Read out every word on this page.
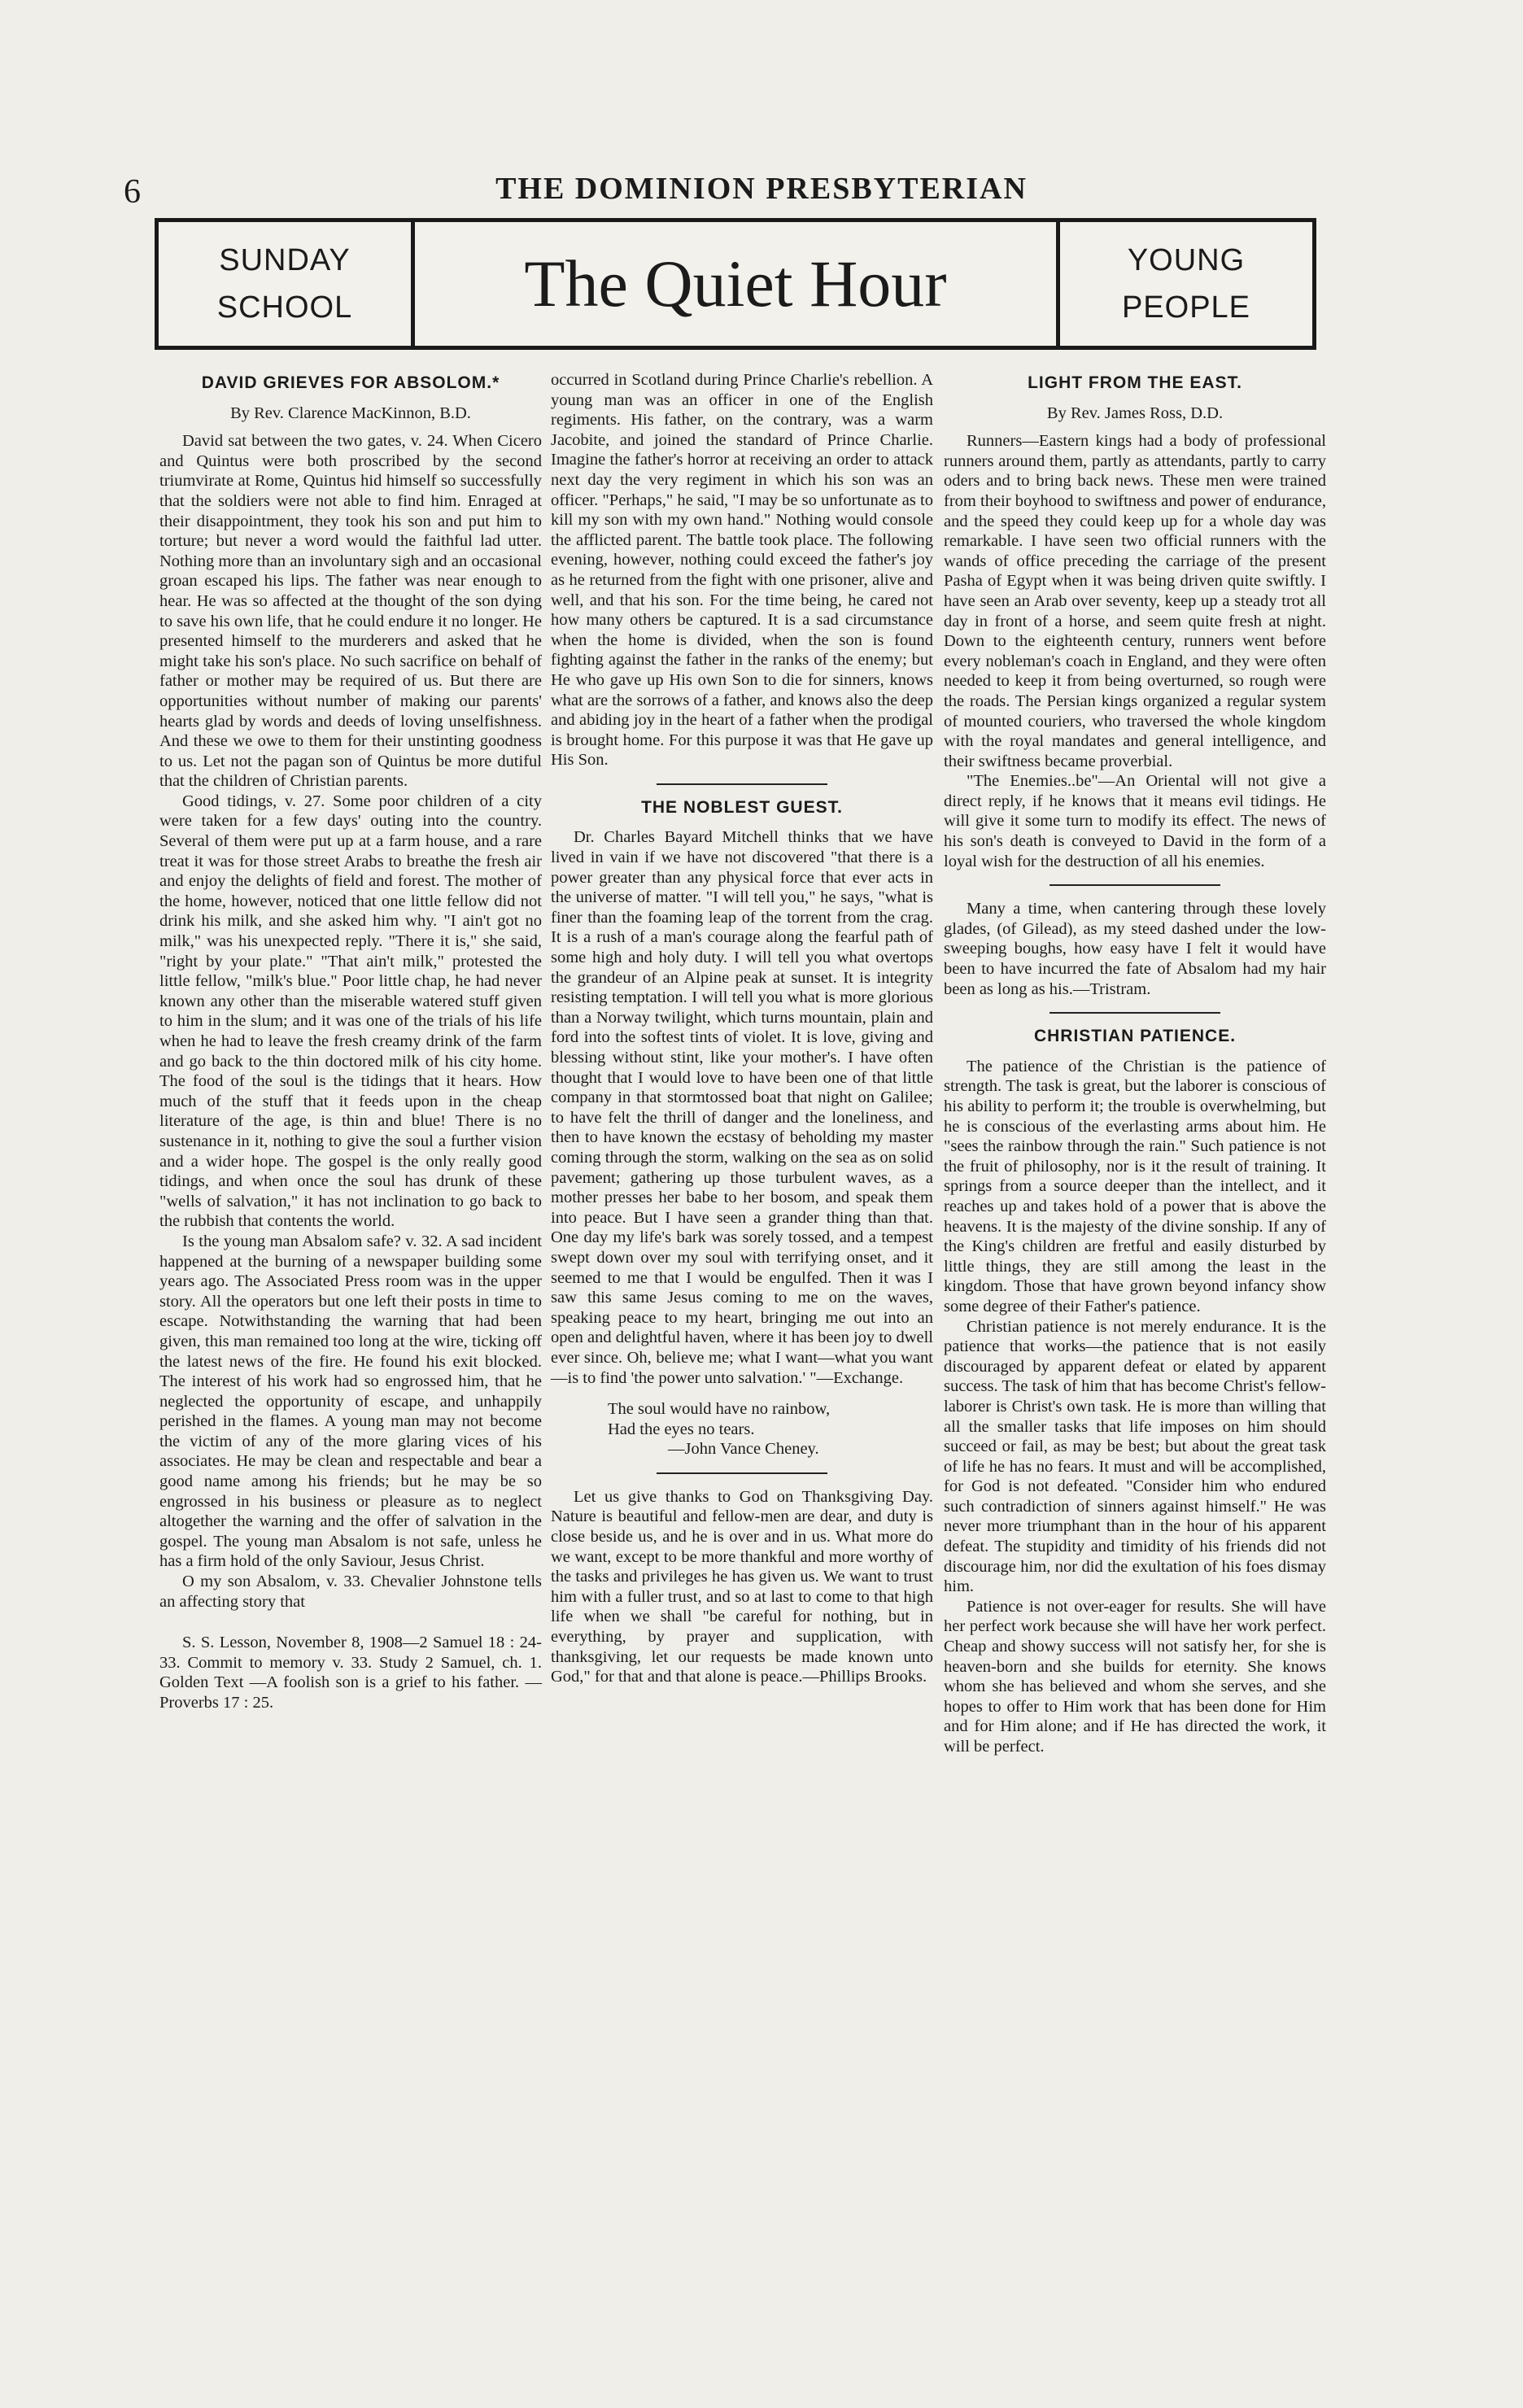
6	THE DOMINION PRESBYTERIAN
SUNDAY
SCHOOL	The Quiet Hour	YOUNG
PEOPLE
DAVID GRIEVES FOR ABSOLOM.*
By Rev. Clarence MacKinnon, B.D.

David sat between the two gates, v. 24. When Cicero and Quintus were both proscribed by the second triumvirate at Rome, Quintus hid himself so successfully that the soldiers were not able to find him. Enraged at their disappointment, they took his son and put him to torture; but never a word would the faithful lad utter. Nothing more than an involuntary sigh and an occasional groan escaped his lips. The father was near enough to hear. He was so affected at the thought of the son dying to save his own life, that he could endure it no longer. He presented himself to the murderers and asked that he might take his son's place. No such sacrifice on behalf of father or mother may be required of us. But there are opportunities without number of making our parents' hearts glad by words and deeds of loving unselfishness. And these we owe to them for their unstinting goodness to us. Let not the pagan son of Quintus be more dutiful that the children of Christian parents.

Good tidings, v. 27. Some poor children of a city were taken for a few days' outing into the country. Several of them were put up at a farm house, and a rare treat it was for those street Arabs to breathe the fresh air and enjoy the delights of field and forest. The mother of the home, however, noticed that one little fellow did not drink his milk, and she asked him why. "I ain't got no milk," was his unexpected reply. "There it is," she said, "right by your plate." "That ain't milk," protested the little fellow, "milk's blue." Poor little chap, he had never known any other than the miserable watered stuff given to him in the slum; and it was one of the trials of his life when he had to leave the fresh creamy drink of the farm and go back to the thin doctored milk of his city home. The food of the soul is the tidings that it hears. How much of the stuff that it feeds upon in the cheap literature of the age, is thin and blue! There is no sustenance in it, nothing to give the soul a further vision and a wider hope. The gospel is the only really good tidings, and when once the soul has drunk of these "wells of salvation," it has not inclination to go back to the rubbish that contents the world.

Is the young man Absalom safe? v. 32. A sad incident happened at the burning of a newspaper building some years ago. The Associated Press room was in the upper story. All the operators but one left their posts in time to escape. Notwithstanding the warning that had been given, this man remained too long at the wire, ticking off the latest news of the fire. He found his exit blocked. The interest of his work had so engrossed him, that he neglected the opportunity of escape, and unhappily perished in the flames. A young man may not become the victim of any of the more glaring vices of his associates. He may be clean and respectable and bear a good name among his friends; but he may be so engrossed in his business or pleasure as to neglect altogether the warning and the offer of salvation in the gospel. The young man Absalom is not safe, unless he has a firm hold of the only Saviour, Jesus Christ.

O my son Absalom, v. 33. Chevalier Johnstone tells an affecting story that

S. S. Lesson, November 8, 1908—2 Samuel 18 : 24-33. Commit to memory v. 33. Study 2 Samuel, ch. 1. Golden Text —A foolish son is a grief to his father. —Proverbs 17 : 25.

occurred in Scotland during Prince Charlie's rebellion. A young man was an officer in one of the English regiments. His father, on the contrary, was a warm Jacobite, and joined the standard of Prince Charlie. Imagine the father's horror at receiving an order to attack next day the very regiment in which his son was an officer. "Perhaps," he said, "I may be so unfortunate as to kill my son with my own hand." Nothing would console the afflicted parent. The battle took place. The following evening, however, nothing could exceed the father's joy as he returned from the fight with one prisoner, alive and well, and that his son. For the time being, he cared not how many others be captured. It is a sad circumstance when the home is divided, when the son is found fighting against the father in the ranks of the enemy; but He who gave up His own Son to die for sinners, knows what are the sorrows of a father, and knows also the deep and abiding joy in the heart of a father when the prodigal is brought home. For this purpose it was that He gave up His Son.

THE NOBLEST GUEST.

Dr. Charles Bayard Mitchell thinks that we have lived in vain if we have not discovered "that there is a power greater than any physical force that ever acts in the universe of matter. "I will tell you," he says, "what is finer than the foaming leap of the torrent from the crag. It is a rush of a man's courage along the fearful path of some high and holy duty. I will tell you what overtops the grandeur of an Alpine peak at sunset. It is integrity resisting temptation. I will tell you what is more glorious than a Norway twilight, which turns mountain, plain and ford into the softest tints of violet. It is love, giving and blessing without stint, like your mother's. I have often thought that I would love to have been one of that little company in that stormtossed boat that night on Galilee; to have felt the thrill of danger and the loneliness, and then to have known the ecstasy of beholding my master coming through the storm, walking on the sea as on solid pavement; gathering up those turbulent waves, as a mother presses her babe to her bosom, and speak them into peace. But I have seen a grander thing than that. One day my life's bark was sorely tossed, and a tempest swept down over my soul with terrifying onset, and it seemed to me that I would be engulfed. Then it was I saw this same Jesus coming to me on the waves, speaking peace to my heart, bringing me out into an open and delightful haven, where it has been joy to dwell ever since. Oh, believe me; what I want—what you want—is to find 'the power unto salvation.' "—Exchange.

The soul would have no rainbow,
Had the eyes no tears.
—John Vance Cheney.

Let us give thanks to God on Thanksgiving Day. Nature is beautiful and fellow-men are dear, and duty is close beside us, and he is over and in us. What more do we want, except to be more thankful and more worthy of the tasks and privileges he has given us. We want to trust him with a fuller trust, and so at last to come to that high life when we shall "be careful for nothing, but in everything, by prayer and supplication, with thanksgiving, let our requests be made known unto God," for that and that alone is peace.—Phillips Brooks.

LIGHT FROM THE EAST.
By Rev. James Ross, D.D.

Runners—Eastern kings had a body of professional runners around them, partly as attendants, partly to carry oders and to bring back news. These men were trained from their boyhood to swiftness and power of endurance, and the speed they could keep up for a whole day was remarkable. I have seen two official runners with the wands of office preceding the carriage of the present Pasha of Egypt when it was being driven quite swiftly. I have seen an Arab over seventy, keep up a steady trot all day in front of a horse, and seem quite fresh at night. Down to the eighteenth century, runners went before every nobleman's coach in England, and they were often needed to keep it from being overturned, so rough were the roads. The Persian kings organized a regular system of mounted couriers, who traversed the whole kingdom with the royal mandates and general intelligence, and their swiftness became proverbial.

"The Enemies..be"—An Oriental will not give a direct reply, if he knows that it means evil tidings. He will give it some turn to modify its effect. The news of his son's death is conveyed to David in the form of a loyal wish for the destruction of all his enemies.

Many a time, when cantering through these lovely glades, (of Gilead), as my steed dashed under the low-sweeping boughs, how easy have I felt it would have been to have incurred the fate of Absalom had my hair been as long as his.—Tristram.

CHRISTIAN PATIENCE.

The patience of the Christian is the patience of strength. The task is great, but the laborer is conscious of his ability to perform it; the trouble is overwhelming, but he is conscious of the everlasting arms about him. He "sees the rainbow through the rain." Such patience is not the fruit of philosophy, nor is it the result of training. It springs from a source deeper than the intellect, and it reaches up and takes hold of a power that is above the heavens. It is the majesty of the divine sonship. If any of the King's children are fretful and easily disturbed by little things, they are still among the least in the kingdom. Those that have grown beyond infancy show some degree of their Father's patience.

Christian patience is not merely endurance. It is the patience that works—the patience that is not easily discouraged by apparent defeat or elated by apparent success. The task of him that has become Christ's fellow-laborer is Christ's own task. He is more than willing that all the smaller tasks that life imposes on him should succeed or fail, as may be best; but about the great task of life he has no fears. It must and will be accomplished, for God is not defeated. "Consider him who endured such contradiction of sinners against himself." He was never more triumphant than in the hour of his apparent defeat. The stupidity and timidity of his friends did not discourage him, nor did the exultation of his foes dismay him.

Patience is not over-eager for results. She will have her perfect work because she will have her work perfect. Cheap and showy success will not satisfy her, for she is heaven-born and she builds for eternity. She knows whom she has believed and whom she serves, and she hopes to offer to Him work that has been done for Him and for Him alone; and if He has directed the work, it will be perfect.
